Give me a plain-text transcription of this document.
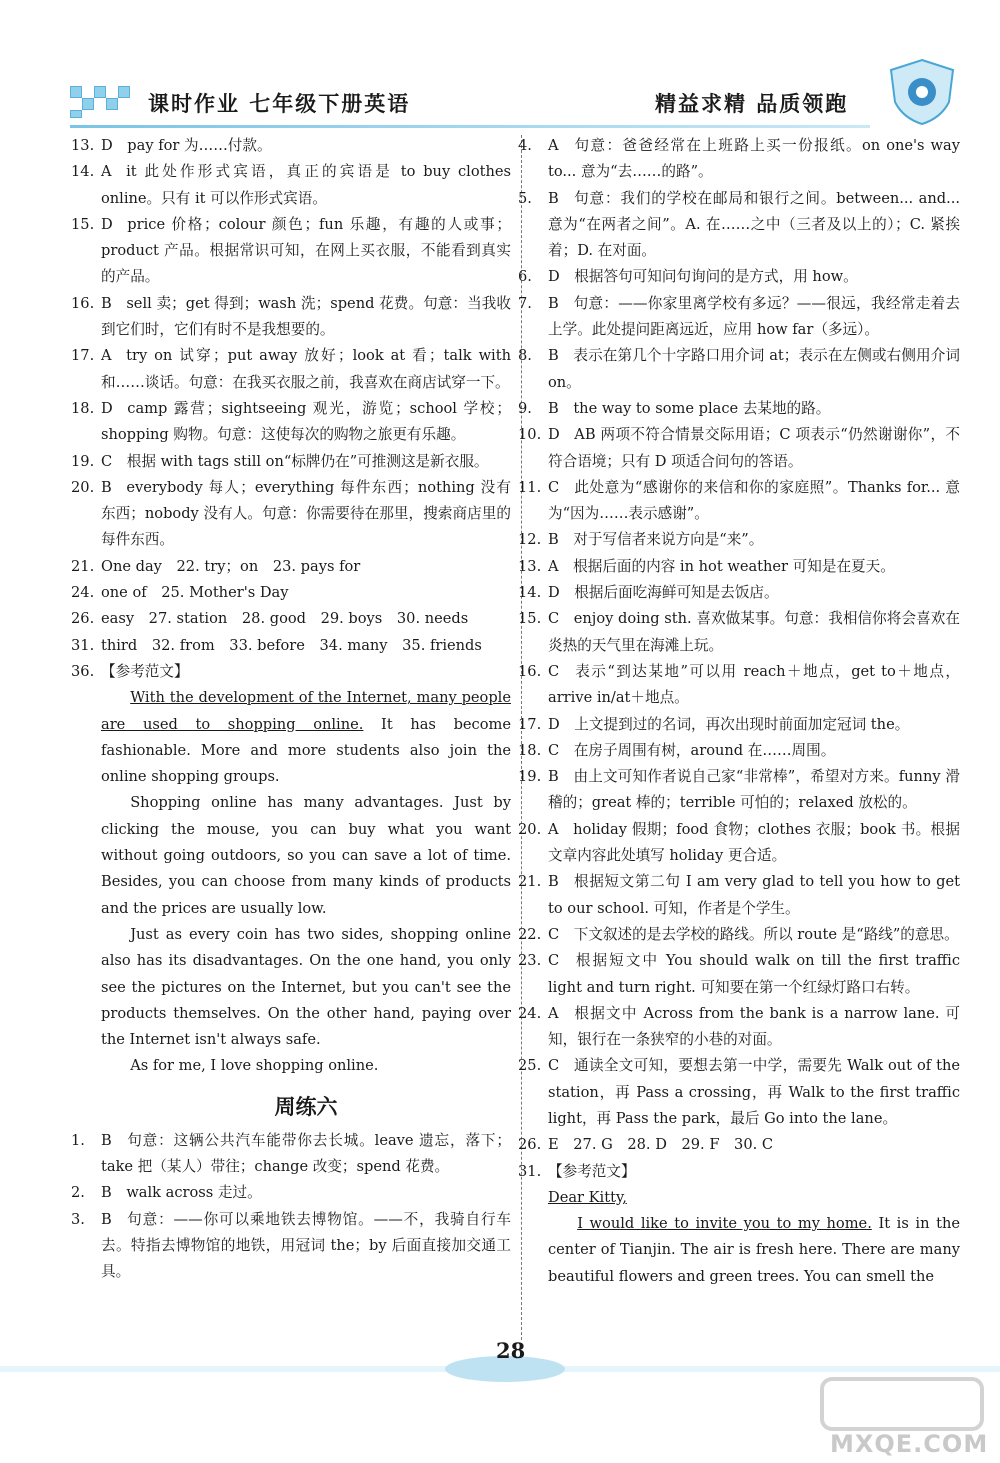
课时作业 七年级下册英语	精益求精 品质领跑
13. D pay for 为……付款。
14. A it 此处作形式宾语，真正的宾语是 to buy clothes online。只有 it 可以作形式宾语。
15. D price 价格；colour 颜色；fun 乐趣，有趣的人或事；product 产品。根据常识可知，在网上买衣服，不能看到真实的产品。
16. B sell 卖；get 得到；wash 洗；spend 花费。句意：当我收到它们时，它们有时不是我想要的。
17. A try on 试穿；put away 放好；look at 看；talk with 和……谈话。句意：在我买衣服之前，我喜欢在商店试穿一下。
18. D camp 露营；sightseeing 观光，游览；school 学校；shopping 购物。句意：这使每次的购物之旅更有乐趣。
19. C 根据 with tags still on“标牌仍在”可推测这是新衣服。
20. B everybody 每人；everything 每件东西；nothing 没有东西；nobody 没有人。句意：你需要待在那里，搜索商店里的每件东西。
21. One day 22. try；on 23. pays for
24. one of 25. Mother's Day
26. easy 27. station 28. good 29. boys 30. needs
31. third 32. from 33. before 34. many 35. friends
36. 【参考范文】
With the development of the Internet, many people are used to shopping online. It has become fashionable. More and more students also join the online shopping groups.
Shopping online has many advantages. Just by clicking the mouse, you can buy what you want without going outdoors, so you can save a lot of time. Besides, you can choose from many kinds of products and the prices are usually low.
Just as every coin has two sides, shopping online also has its disadvantages. On the one hand, you only see the pictures on the Internet, but you can't see the products themselves. On the other hand, paying over the Internet isn't always safe.
As for me, I love shopping online.
周练六
1. B 句意：这辆公共汽车能带你去长城。leave 遗忘，落下；take 把（某人）带往；change 改变；spend 花费。
2. B walk across 走过。
3. B 句意：——你可以乘地铁去博物馆。——不，我骑自行车去。特指去博物馆的地铁，用冠词 the；by 后面直接加交通工具。
4. A 句意：爸爸经常在上班路上买一份报纸。on one's way to... 意为“去……的路”。
5. B 句意：我们的学校在邮局和银行之间。between... and... 意为“在两者之间”。A. 在……之中（三者及以上的）；C. 紧挨着；D. 在对面。
6. D 根据答句可知问句询问的是方式，用 how。
7. B 句意：——你家里离学校有多远？——很远，我经常走着去上学。此处提问距离远近，应用 how far（多远）。
8. B 表示在第几个十字路口用介词 at；表示在左侧或右侧用介词 on。
9. B the way to some place 去某地的路。
10. D AB 两项不符合情景交际用语；C 项表示“仍然谢谢你”，不符合语境；只有 D 项适合问句的答语。
11. C 此处意为“感谢你的来信和你的家庭照”。Thanks for... 意为“因为……表示感谢”。
12. B 对于写信者来说方向是“来”。
13. A 根据后面的内容 in hot weather 可知是在夏天。
14. D 根据后面吃海鲜可知是去饭店。
15. C enjoy doing sth. 喜欢做某事。句意：我相信你将会喜欢在炎热的天气里在海滩上玩。
16. C 表示“到达某地”可以用 reach＋地点，get to＋地点，arrive in/at＋地点。
17. D 上文提到过的名词，再次出现时前面加定冠词 the。
18. C 在房子周围有树，around 在……周围。
19. B 由上文可知作者说自己家“非常棒”，希望对方来。funny 滑稽的；great 棒的；terrible 可怕的；relaxed 放松的。
20. A holiday 假期；food 食物；clothes 衣服；book 书。根据文章内容此处填写 holiday 更合适。
21. B 根据短文第二句 I am very glad to tell you how to get to our school. 可知，作者是个学生。
22. C 下文叙述的是去学校的路线。所以 route 是“路线”的意思。
23. C 根据短文中 You should walk on till the first traffic light and turn right. 可知要在第一个红绿灯路口右转。
24. A 根据文中 Across from the bank is a narrow lane. 可知，银行在一条狭窄的小巷的对面。
25. C 通读全文可知，要想去第一中学，需要先 Walk out of the station，再 Pass a crossing，再 Walk to the first traffic light，再 Pass the park，最后 Go into the lane。
26. E 27. G 28. D 29. F 30. C
31. 【参考范文】
Dear Kitty,
I would like to invite you to my home. It is in the center of Tianjin. The air is fresh here. There are many beautiful flowers and green trees. You can smell the
28
MXQE.COM
